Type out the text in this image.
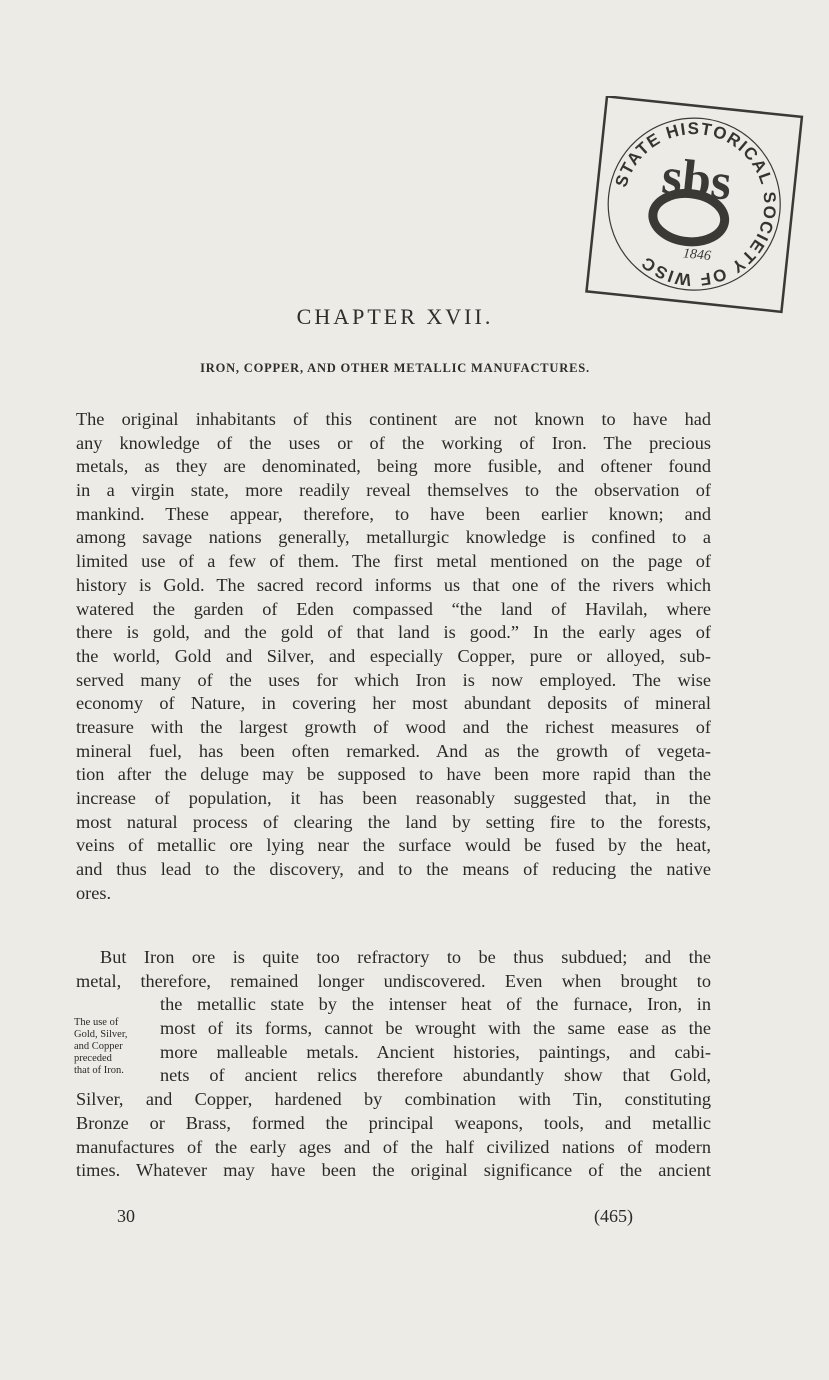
STATE HISTORICAL SOCIETY OF WISC
sbs
1846
CHAPTER XVII.
IRON, COPPER, AND OTHER METALLIC MANUFACTURES.
The original inhabitants of this continent are not known to have had
any knowledge of the uses or of the working of Iron. The precious
metals, as they are denominated, being more fusible, and oftener found
in a virgin state, more readily reveal themselves to the observation of
mankind. These appear, therefore, to have been earlier known; and
among savage nations generally, metallurgic knowledge is confined to a
limited use of a few of them. The first metal mentioned on the page of
history is Gold. The sacred record informs us that one of the rivers which
watered the garden of Eden compassed “the land of Havilah, where
there is gold, and the gold of that land is good.” In the early ages of
the world, Gold and Silver, and especially Copper, pure or alloyed, sub-
served many of the uses for which Iron is now employed. The wise
economy of Nature, in covering her most abundant deposits of mineral
treasure with the largest growth of wood and the richest measures of
mineral fuel, has been often remarked. And as the growth of vegeta-
tion after the deluge may be supposed to have been more rapid than the
increase of population, it has been reasonably suggested that, in the
most natural process of clearing the land by setting fire to the forests,
veins of metallic ore lying near the surface would be fused by the heat,
and thus lead to the discovery, and to the means of reducing the native
ores.
But Iron ore is quite too refractory to be thus subdued; and the
metal, therefore, remained longer undiscovered. Even when brought to
the metallic state by the intenser heat of the furnace, Iron, in
most of its forms, cannot be wrought with the same ease as the
more malleable metals. Ancient histories, paintings, and cabi-
nets of ancient relics therefore abundantly show that Gold,
Silver, and Copper, hardened by combination with Tin, constituting
Bronze or Brass, formed the principal weapons, tools, and metallic
manufactures of the early ages and of the half civilized nations of modern
times. Whatever may have been the original significance of the ancient
The use of
Gold, Silver,
and Copper
preceded
that of Iron.
30	(465)
